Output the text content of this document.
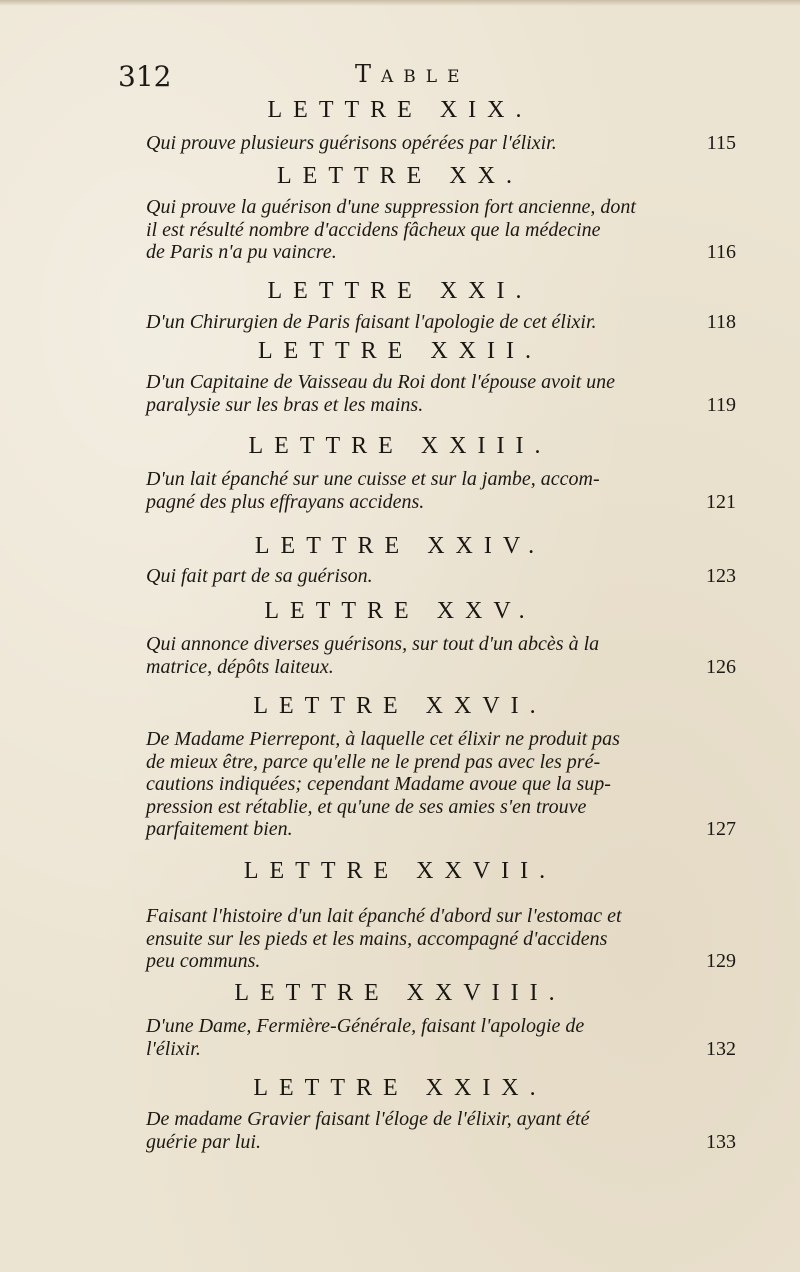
312	Table
LETTRE XIX.
Qui prouve plusieurs guérisons opérées par l'élixir.	115
LETTRE XX.
Qui prouve la guérison d'une suppression fort ancienne, dont
il est résulté nombre d'accidens fâcheux que la médecine
de Paris n'a pu vaincre.	116
LETTRE XXI.
D'un Chirurgien de Paris faisant l'apologie de cet élixir.	118
LETTRE XXII.
D'un Capitaine de Vaisseau du Roi dont l'épouse avoit une
paralysie sur les bras et les mains.	119
LETTRE XXIII.
D'un lait épanché sur une cuisse et sur la jambe, accom-
pagné des plus effrayans accidens.	121
LETTRE XXIV.
Qui fait part de sa guérison.	123
LETTRE XXV.
Qui annonce diverses guérisons, sur tout d'un abcès à la
matrice, dépôts laiteux.	126
LETTRE XXVI.
De Madame Pierrepont, à laquelle cet élixir ne produit pas
de mieux être, parce qu'elle ne le prend pas avec les pré-
cautions indiquées; cependant Madame avoue que la sup-
pression est rétablie, et qu'une de ses amies s'en trouve
parfaitement bien.	127
LETTRE XXVII.
Faisant l'histoire d'un lait épanché d'abord sur l'estomac et
ensuite sur les pieds et les mains, accompagné d'accidens
peu communs.	129
LETTRE XXVIII.
D'une Dame, Fermière-Générale, faisant l'apologie de
l'élixir.	132
LETTRE XXIX.
De madame Gravier faisant l'éloge de l'élixir, ayant été
guérie par lui.	133
